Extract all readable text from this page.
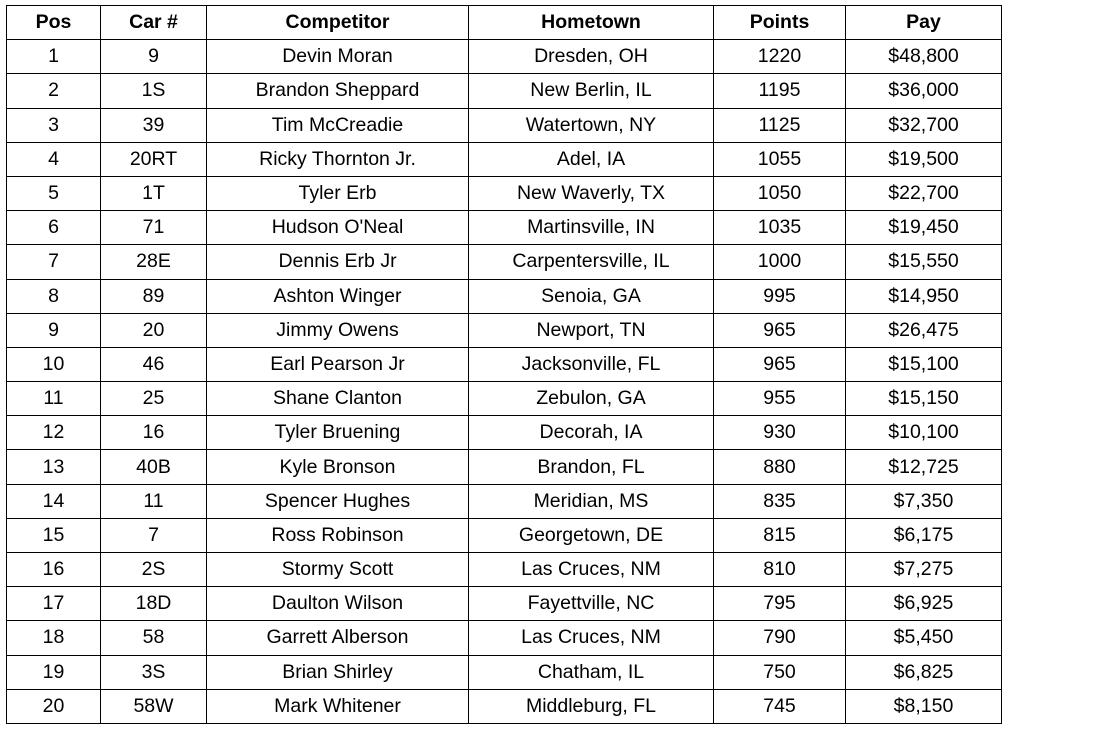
Pos	Car #	Competitor	Hometown	Points	Pay
1	9	Devin Moran	Dresden, OH	1220	$48,800
2	1S	Brandon Sheppard	New Berlin, IL	1195	$36,000
3	39	Tim McCreadie	Watertown, NY	1125	$32,700
4	20RT	Ricky Thornton Jr.	Adel, IA	1055	$19,500
5	1T	Tyler Erb	New Waverly, TX	1050	$22,700
6	71	Hudson O'Neal	Martinsville, IN	1035	$19,450
7	28E	Dennis Erb Jr	Carpentersville, IL	1000	$15,550
8	89	Ashton Winger	Senoia, GA	995	$14,950
9	20	Jimmy Owens	Newport, TN	965	$26,475
10	46	Earl Pearson Jr	Jacksonville, FL	965	$15,100
11	25	Shane Clanton	Zebulon, GA	955	$15,150
12	16	Tyler Bruening	Decorah, IA	930	$10,100
13	40B	Kyle Bronson	Brandon, FL	880	$12,725
14	11	Spencer Hughes	Meridian, MS	835	$7,350
15	7	Ross Robinson	Georgetown, DE	815	$6,175
16	2S	Stormy Scott	Las Cruces, NM	810	$7,275
17	18D	Daulton Wilson	Fayettville, NC	795	$6,925
18	58	Garrett Alberson	Las Cruces, NM	790	$5,450
19	3S	Brian Shirley	Chatham, IL	750	$6,825
20	58W	Mark Whitener	Middleburg, FL	745	$8,150
